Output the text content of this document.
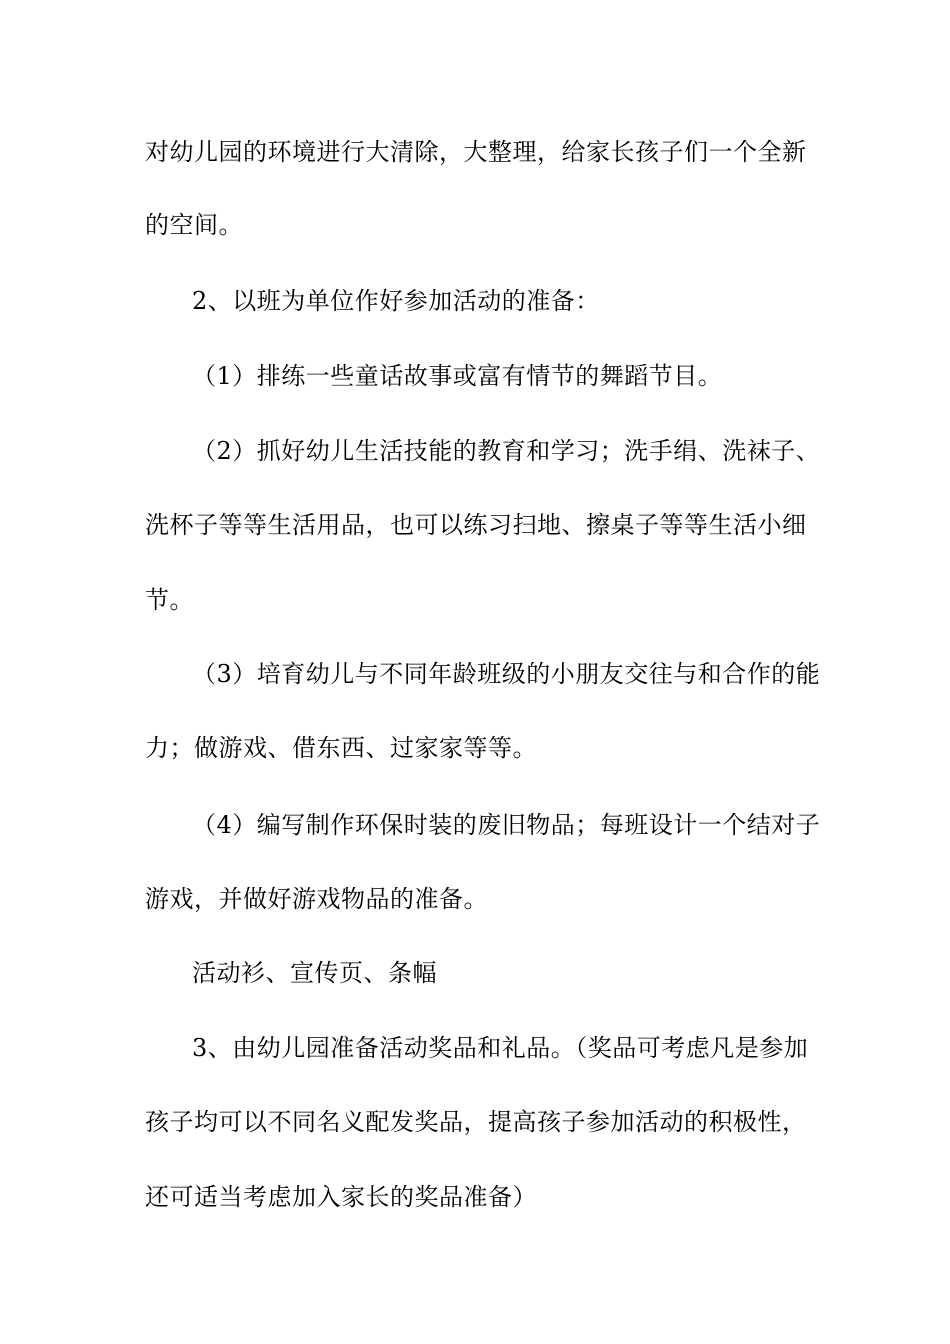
对幼儿园的环境进行大清除，大整理，给家长孩子们一个全新
的空间。
2、以班为单位作好参加活动的准备：
（1）排练一些童话故事或富有情节的舞蹈节目。
（2）抓好幼儿生活技能的教育和学习；洗手绢、洗袜子、
洗杯子等等生活用品，也可以练习扫地、擦桌子等等生活小细
节。
（3）培育幼儿与不同年龄班级的小朋友交往与和合作的能
力；做游戏、借东西、过家家等等。
（4）编写制作环保时装的废旧物品；每班设计一个结对子
游戏，并做好游戏物品的准备。
活动衫、宣传页、条幅
3、由幼儿园准备活动奖品和礼品。（奖品可考虑凡是参加
孩子均可以不同名义配发奖品，提高孩子参加活动的积极性，
还可适当考虑加入家长的奖品准备）
